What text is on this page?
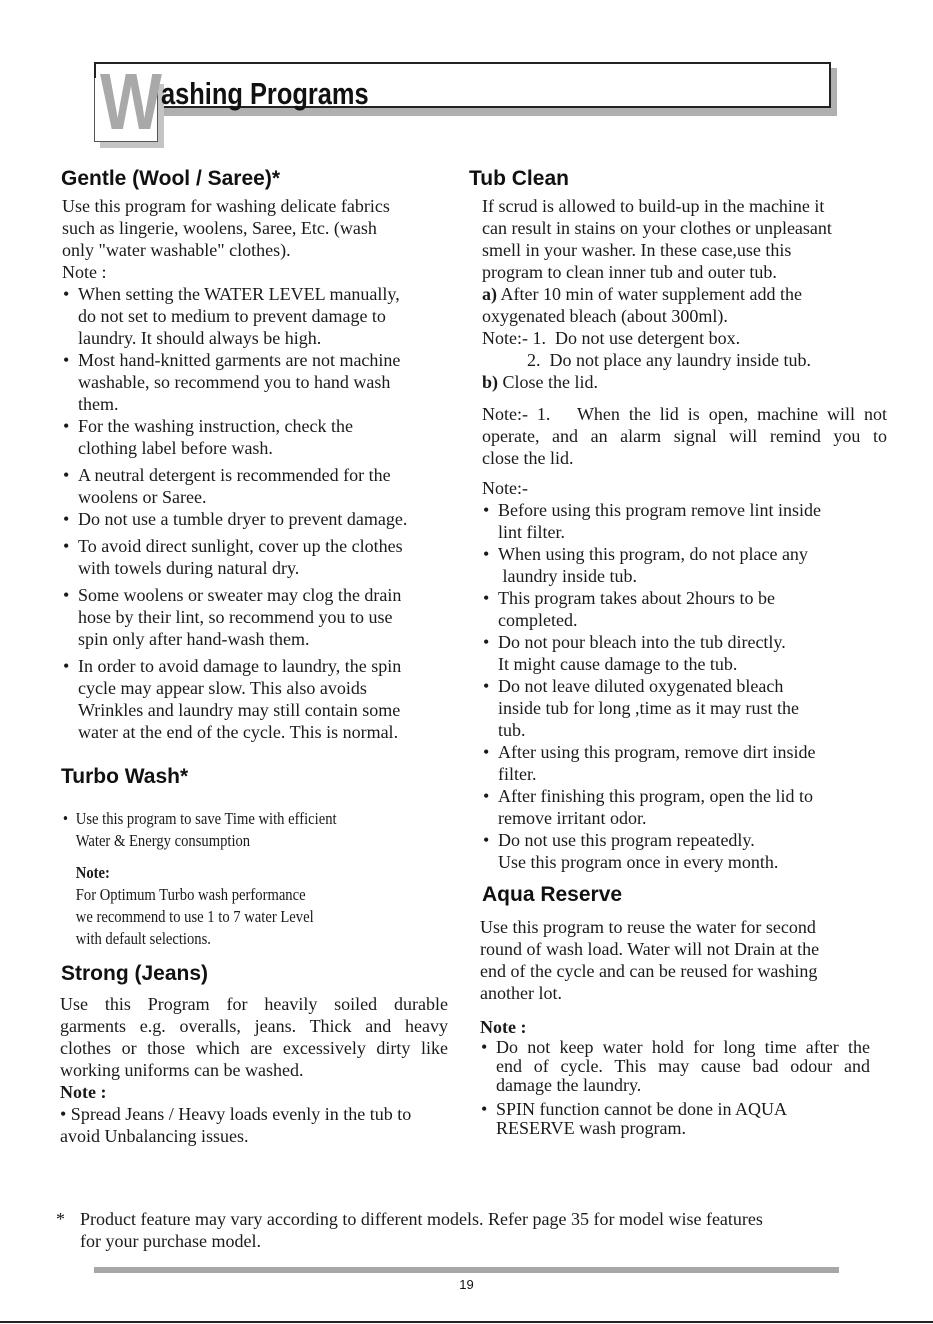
W ashing Programs
Gentle (Wool / Saree)*

Use this program for washing delicate fabrics

such as lingerie, woolens, Saree, Etc. (wash

only "water washable" clothes).

Note :

• When setting the WATER LEVEL manually,
do not set to medium to prevent damage to
laundry. It should always be high.
• Most hand-knitted garments are not machine
washable, so recommend you to hand wash
them.
• For the washing instruction, check the
clothing label before wash.
• A neutral detergent is recommended for the
woolens or Saree.
• Do not use a tumble dryer to prevent damage.
• To avoid direct sunlight, cover up the clothes
with towels during natural dry.
• Some woolens or sweater may clog the drain
hose by their lint, so recommend you to use
spin only after hand-wash them.
• In order to avoid damage to laundry, the spin
cycle may appear slow. This also avoids
Wrinkles and laundry may still contain some
water at the end of the cycle. This is normal.
Turbo Wash*
• Use this program to save Time with efficient
Water & Energy consumption

Note:

For Optimum Turbo wash performance

we recommend to use 1 to 7 water Level

with default selections.

Strong (Jeans)

Use this Program for heavily soiled durable

garments e.g. overalls, jeans. Thick and heavy

clothes or those which are excessively dirty like

working uniforms can be washed.

Note :

• Spread Jeans / Heavy loads evenly in the tub to

avoid Unbalancing issues.

Tub Clean

If scrud is allowed to build-up in the machine it

can result in stains on your clothes or unpleasant

smell in your washer. In these case,use this

program to clean inner tub and outer tub.

a) After 10 min of water supplement add the

oxygenated bleach (about 300ml).

Note:- 1.  Do not use detergent box.

2.  Do not place any laundry inside tub.

b) Close the lid.

Note:- 1.   When the lid is open, machine will not

operate, and an alarm signal will remind you to

close the lid.

Note:-

• Before using this program remove lint inside
lint filter.
• When using this program, do not place any
laundry inside tub.
• This program takes about 2hours to be
completed.
• Do not pour bleach into the tub directly.
It might cause damage to the tub.
• Do not leave diluted oxygenated bleach
inside tub for long ,time as it may rust the
tub.
• After using this program, remove dirt inside
filter.
• After finishing this program, open the lid to
remove irritant odor.
• Do not use this program repeatedly.
Use this program once in every month.
Aqua Reserve

Use this program to reuse the water for second

round of wash load. Water will not Drain at the

end of the cycle and can be reused for washing

another lot.

Note :

• Do not keep water hold for long time after the
end of cycle. This may cause bad odour and
damage the laundry.
• SPIN function cannot be done in AQUA
RESERVE wash program.
* Product feature may vary according to different models. Refer page 35 for model wise features
for your purchase model.
19
